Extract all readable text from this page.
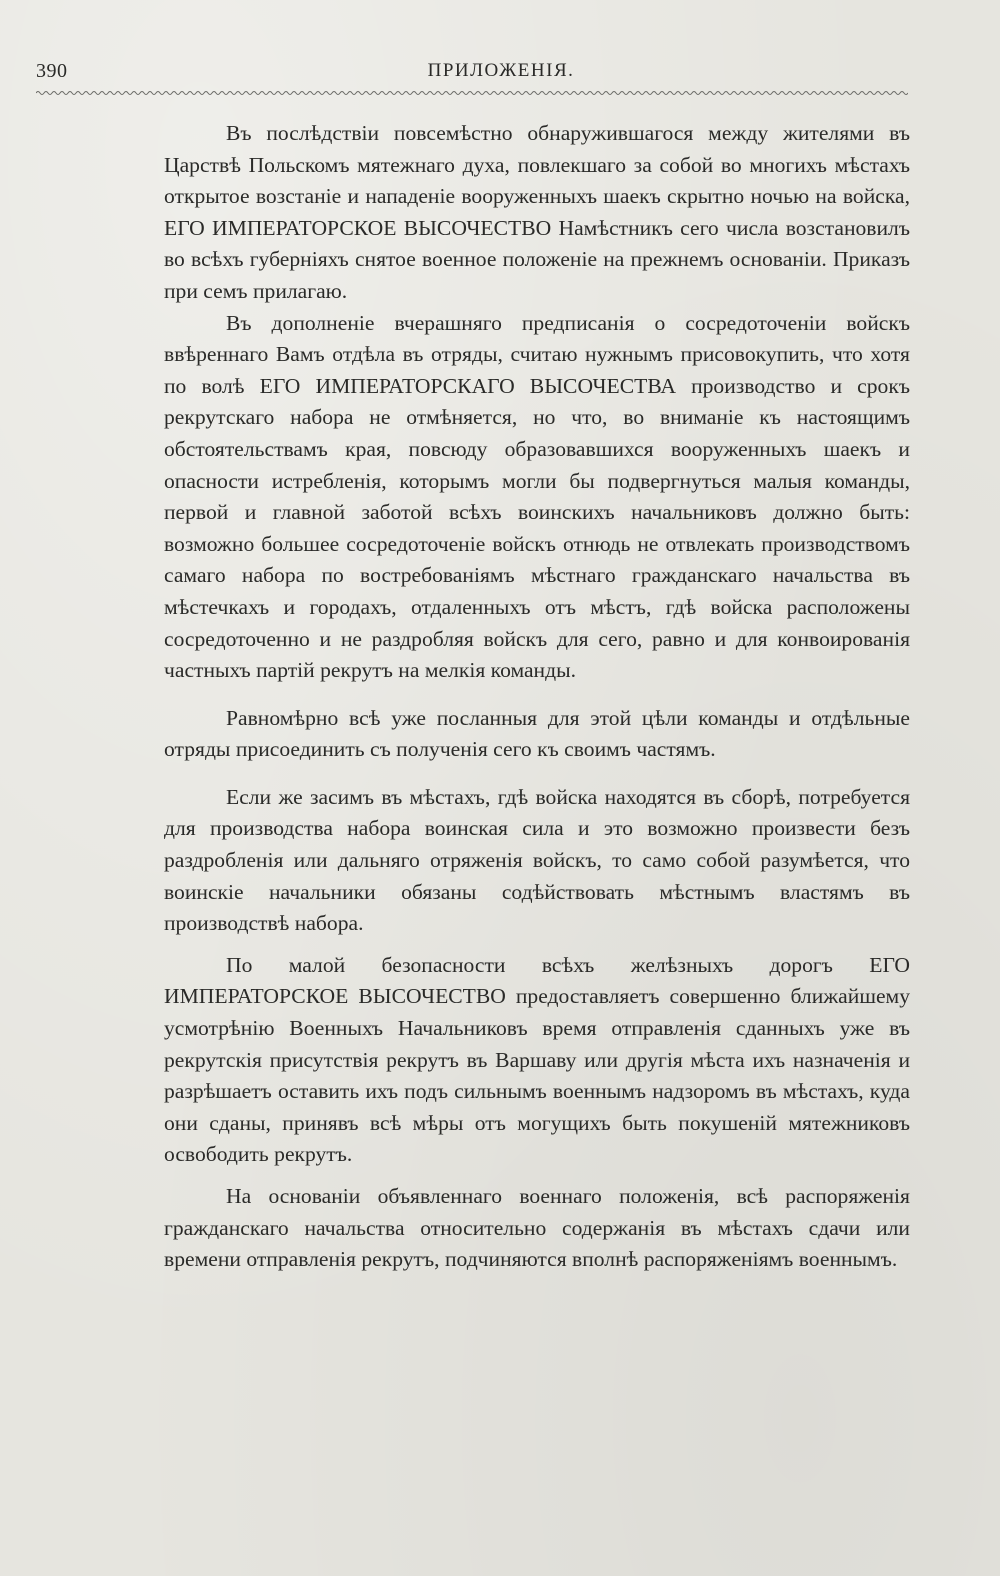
390	ПРИЛОЖЕНІЯ.

Въ послѣдствіи повсемѣстно обнаружившагося между жителями въ Царствѣ Польскомъ мятежнаго духа, повлекшаго за собой во многихъ мѣстахъ открытое возстаніе и нападеніе вооруженныхъ шаекъ скрытно ночью на войска, ЕГО ИМПЕРАТОРСКОЕ ВЫСОЧЕСТВО Намѣстникъ сего числа возстановилъ во всѣхъ губерніяхъ снятое военное положеніе на прежнемъ основаніи. Приказъ при семъ прилагаю.

Въ дополненіе вчерашняго предписанія о сосредоточеніи войскъ ввѣреннаго Вамъ отдѣла въ отряды, считаю нужнымъ присовокупить, что хотя по волѣ ЕГО ИМПЕРАТОРСКАГО ВЫСОЧЕСТВА производство и срокъ рекрутскаго набора не отмѣняется, но что, во вниманіе къ настоящимъ обстоятельствамъ края, повсюду образовавшихся вооруженныхъ шаекъ и опасности истребленія, которымъ могли бы подвергнуться малыя команды, первой и главной заботой всѣхъ воинскихъ начальниковъ должно быть: возможно большее сосредоточеніе войскъ отнюдь не отвлекать производствомъ самаго набора по востребованіямъ мѣстнаго гражданскаго начальства въ мѣстечкахъ и городахъ, отдаленныхъ отъ мѣстъ, гдѣ войска расположены сосредоточенно и не раздробляя войскъ для сего, равно и для конвоированія частныхъ партій рекрутъ на мелкія команды.

Равномѣрно всѣ уже посланныя для этой цѣли команды и отдѣльные отряды присоединить съ полученія сего къ своимъ частямъ.

Если же засимъ въ мѣстахъ, гдѣ войска находятся въ сборѣ, потребуется для производства набора воинская сила и это возможно произвести безъ раздробленія или дальняго отряженія войскъ, то само собой разумѣется, что воинскіе начальники обязаны содѣйствовать мѣстнымъ властямъ въ производствѣ набора.

По малой безопасности всѣхъ желѣзныхъ дорогъ ЕГО ИМПЕРАТОРСКОЕ ВЫСОЧЕСТВО предоставляетъ совершенно ближайшему усмотрѣнію Военныхъ Начальниковъ время отправленія сданныхъ уже въ рекрутскія присутствія рекрутъ въ Варшаву или другія мѣста ихъ назначенія и разрѣшаетъ оставить ихъ подъ сильнымъ военнымъ надзоромъ въ мѣстахъ, куда они сданы, принявъ всѣ мѣры отъ могущихъ быть покушеній мятежниковъ освободить рекрутъ.

На основаніи объявленнаго военнаго положенія, всѣ распоряженія гражданскаго начальства относительно содержанія въ мѣстахъ сдачи или времени отправленія рекрутъ, подчиняются вполнѣ распоряженіямъ военнымъ.
